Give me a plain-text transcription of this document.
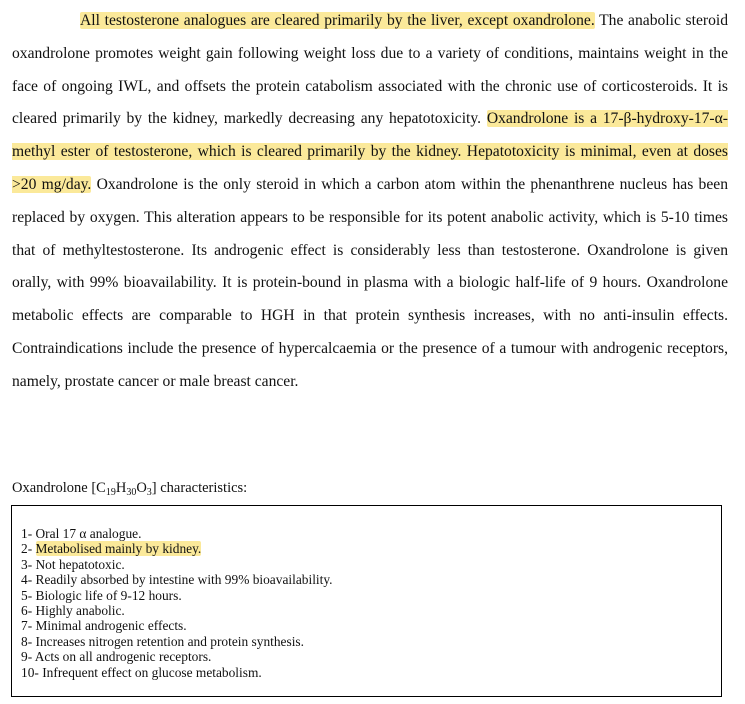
All testosterone analogues are cleared primarily by the liver, except oxandrolone. The anabolic steroid oxandrolone promotes weight gain following weight loss due to a variety of conditions, maintains weight in the face of ongoing IWL, and offsets the protein catabolism associated with the chronic use of corticosteroids. It is cleared primarily by the kidney, markedly decreasing any hepatotoxicity. Oxandrolone is a 17-β-hydroxy-17-α-methyl ester of testosterone, which is cleared primarily by the kidney. Hepatotoxicity is minimal, even at doses >20 mg/day. Oxandrolone is the only steroid in which a carbon atom within the phenanthrene nucleus has been replaced by oxygen. This alteration appears to be responsible for its potent anabolic activity, which is 5-10 times that of methyltestosterone. Its androgenic effect is considerably less than testosterone. Oxandrolone is given orally, with 99% bioavailability. It is protein-bound in plasma with a biologic half-life of 9 hours. Oxandrolone metabolic effects are comparable to HGH in that protein synthesis increases, with no anti-insulin effects. Contraindications include the presence of hypercalcaemia or the presence of a tumour with androgenic receptors, namely, prostate cancer or male breast cancer.

Oxandrolone $[C_{19}H_{30}O_3]$ characteristics:
1- Oral 17 α analogue.
2- Metabolised mainly by kidney.
3- Not hepatotoxic.
4- Readily absorbed by intestine with 99% bioavailability.
5- Biologic life of 9-12 hours.
6- Highly anabolic.
7- Minimal androgenic effects.
8- Increases nitrogen retention and protein synthesis.
9- Acts on all androgenic receptors.
10- Infrequent effect on glucose metabolism.
